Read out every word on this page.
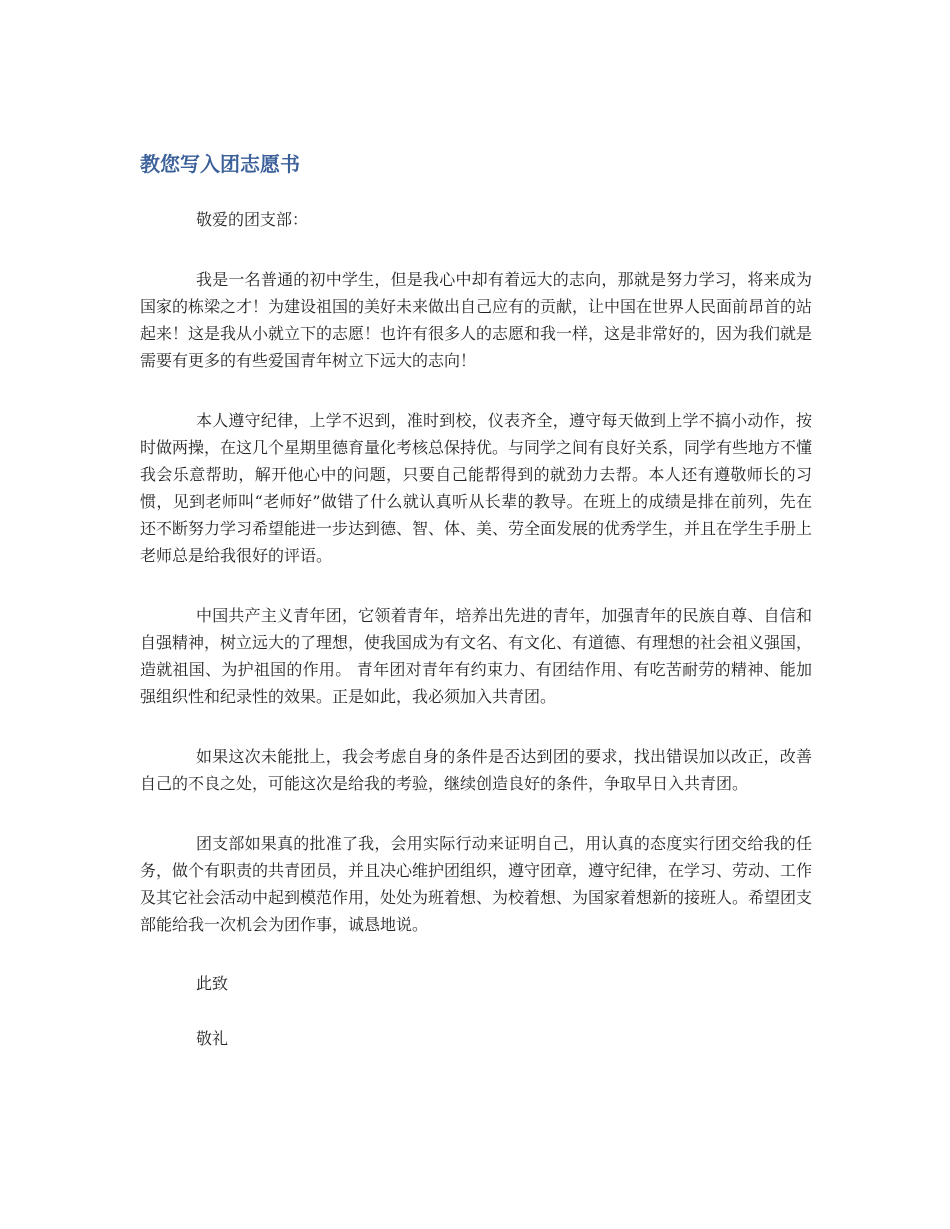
教您写入团志愿书

敬爱的团支部：

我是一名普通的初中学生，但是我心中却有着远大的志向，那就是努力学习，将来成为国家的栋梁之才！为建设祖国的美好未来做出自己应有的贡献，让中国在世界人民面前昂首的站起来！这是我从小就立下的志愿！也许有很多人的志愿和我一样，这是非常好的，因为我们就是需要有更多的有些爱国青年树立下远大的志向！

本人遵守纪律，上学不迟到，准时到校，仪表齐全，遵守每天做到上学不搞小动作，按时做两操，在这几个星期里德育量化考核总保持优。与同学之间有良好关系，同学有些地方不懂我会乐意帮助，解开他心中的问题，只要自己能帮得到的就劲力去帮。本人还有遵敬师长的习惯，见到老师叫“老师好”做错了什么就认真听从长辈的教导。在班上的成绩是排在前列，先在还不断努力学习希望能进一步达到德、智、体、美、劳全面发展的优秀学生，并且在学生手册上老师总是给我很好的评语。

中国共产主义青年团，它领着青年，培养出先进的青年，加强青年的民族自尊、自信和自强精神，树立远大的了理想，使我国成为有文名、有文化、有道德、有理想的社会祖义强国，造就祖国、为护祖国的作用。 青年团对青年有约束力、有团结作用、有吃苦耐劳的精神、能加强组织性和纪录性的效果。正是如此，我必须加入共青团。

如果这次未能批上，我会考虑自身的条件是否达到团的要求，找出错误加以改正，改善自己的不良之处，可能这次是给我的考验，继续创造良好的条件，争取早日入共青团。

团支部如果真的批准了我，会用实际行动来证明自己，用认真的态度实行团交给我的任务，做个有职责的共青团员，并且决心维护团组织，遵守团章，遵守纪律，在学习、劳动、工作及其它社会活动中起到模范作用，处处为班着想、为校着想、为国家着想新的接班人。希望团支部能给我一次机会为团作事，诚恳地说。

此致

敬礼
